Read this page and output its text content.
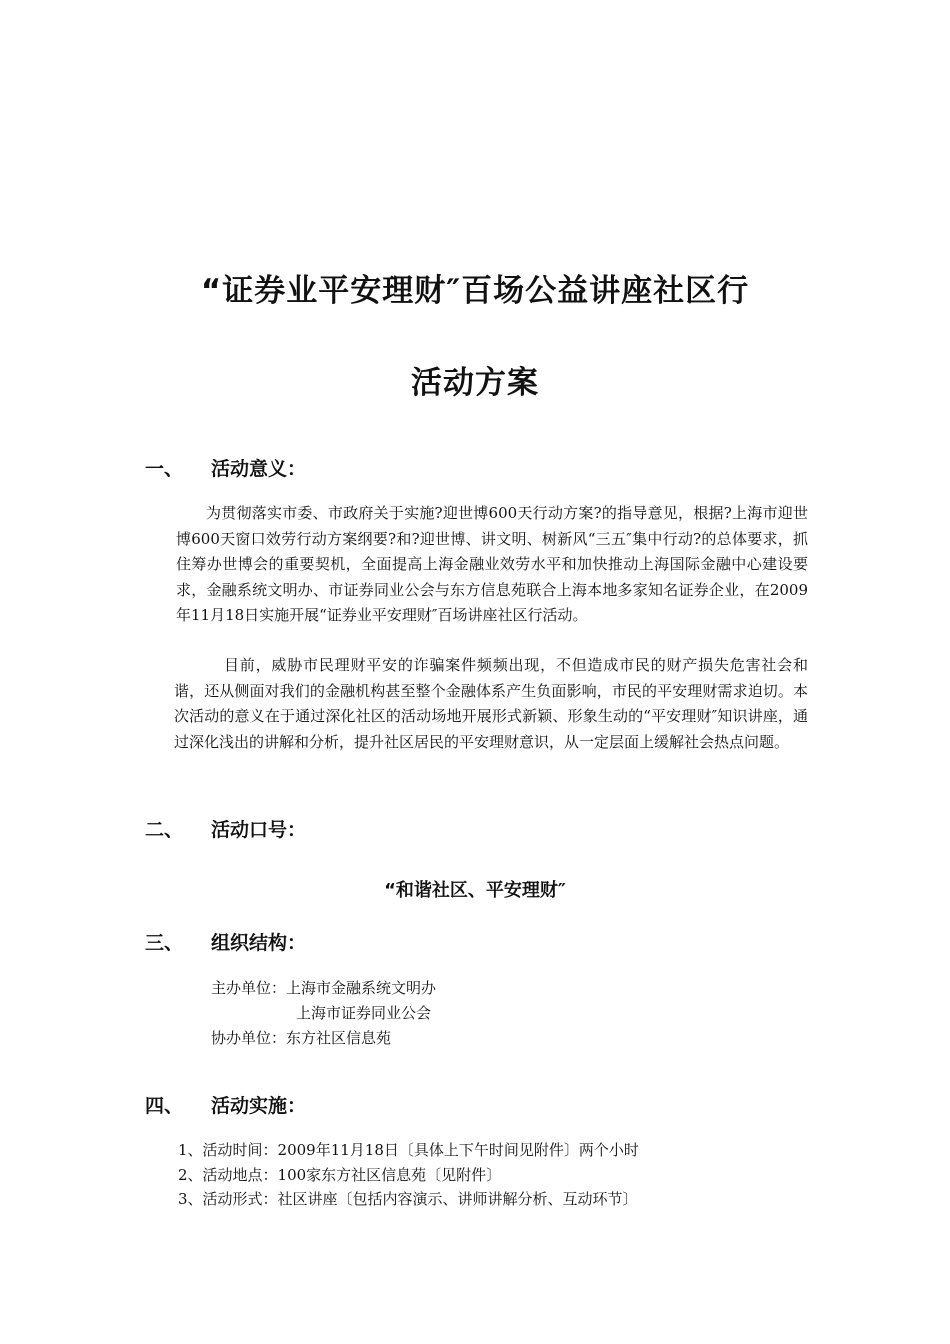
“证券业平安理财″百场公益讲座社区行
活动方案
一、 活动意义：
为贯彻落实市委、市政府关于实施?迎世博600天行动方案?的指导意见，根据?上海市迎世博600天窗口效劳行动方案纲要?和?迎世博、讲文明、树新风“三五″集中行动?的总体要求，抓住筹办世博会的重要契机，全面提高上海金融业效劳水平和加快推动上海国际金融中心建设要求，金融系统文明办、市证券同业公会与东方信息苑联合上海本地多家知名证券企业，在2009年11月18日实施开展“证券业平安理财″百场讲座社区行活动。
目前，威胁市民理财平安的诈骗案件频频出现，不但造成市民的财产损失危害社会和谐，还从侧面对我们的金融机构甚至整个金融体系产生负面影响，市民的平安理财需求迫切。本次活动的意义在于通过深化社区的活动场地开展形式新颖、形象生动的“平安理财″知识讲座，通过深化浅出的讲解和分析，提升社区居民的平安理财意识，从一定层面上缓解社会热点问题。
二、 活动口号：
“和谐社区、平安理财″
三、 组织结构：
主办单位：上海市金融系统文明办
上海市证券同业公会
协办单位：东方社区信息苑
四、 活动实施：
1、活动时间：2009年11月18日〔具体上下午时间见附件〕两个小时
2、活动地点：100家东方社区信息苑〔见附件〕
3、活动形式：社区讲座〔包括内容演示、讲师讲解分析、互动环节〕
